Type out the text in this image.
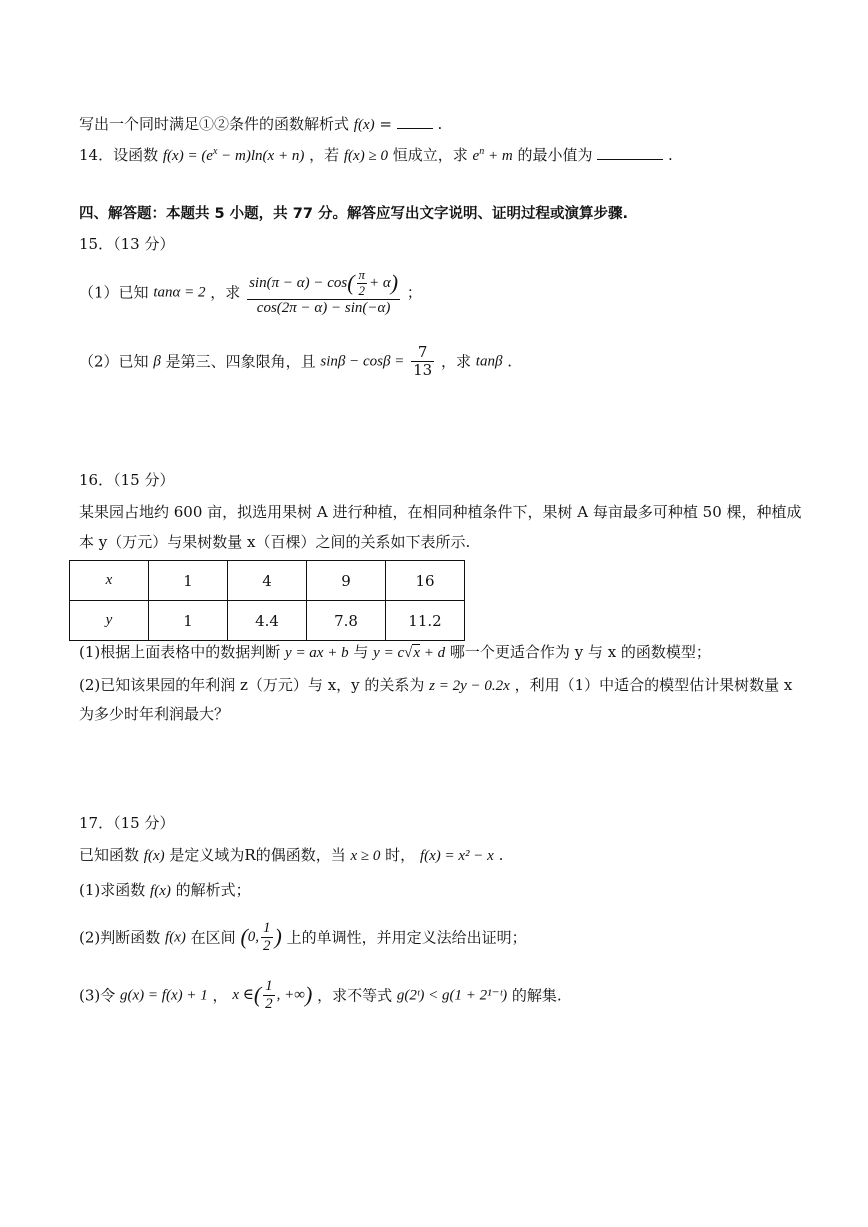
写出一个同时满足①②条件的函数解析式 f(x) =	.
14．设函数 $f(x) = (e^x - m)\ln(x + n)$ ，若 f(x) ≥ 0 恒成立，求 $e^n + m$ 的最小值为	.
四、解答题：本题共 5 小题，共 77 分。解答应写出文字说明、证明过程或演算步骤.
15．（13 分）
（1）已知 tanα = 2 ，求 $\frac{\sin(\pi - \alpha) - \cos( \frac{\pi}{2} + \alpha)}{\cos(2\pi - \alpha) - \sin(-\alpha)}$ ；
（2）已知 β 是第三、四象限角，且 $\sin\beta - \cos\beta = \frac{7}{13}$ ，求 tanβ .
16．（15 分）
某果园占地约 600 亩，拟选用果树 A 进行种植，在相同种植条件下，果树 A 每亩最多可种植 50 棵，种植成
本 y（万元）与果树数量 x（百棵）之间的关系如下表所示.
x	1	4	9	16
y	1	4.4	7.8	11.2
(1)根据上面表格中的数据判断 y = ax + b 与 y = c√x + d 哪一个更适合作为 y 与 x 的函数模型；
(2)已知该果园的年利润 z（万元）与 x，y 的关系为 z = 2y − 0.2x ，利用（1）中适合的模型估计果树数量 x
为多少时年利润最大？
17．（15 分）
已知函数 f(x) 是定义域为R的偶函数，当 x ≥ 0 时， f(x) = x² − x .
(1)求函数 f(x) 的解析式；
(2)判断函数 f(x) 在区间 (0, $\frac{1}{2}$ ) 上的单调性，并用定义法给出证明；
(3)令 g(x) = f(x) + 1 ， x ∈( $\frac{1}{2}$ , +∞) ，求不等式 g(2ᵗ) < g(1 + 2¹⁻ᵗ) 的解集.
